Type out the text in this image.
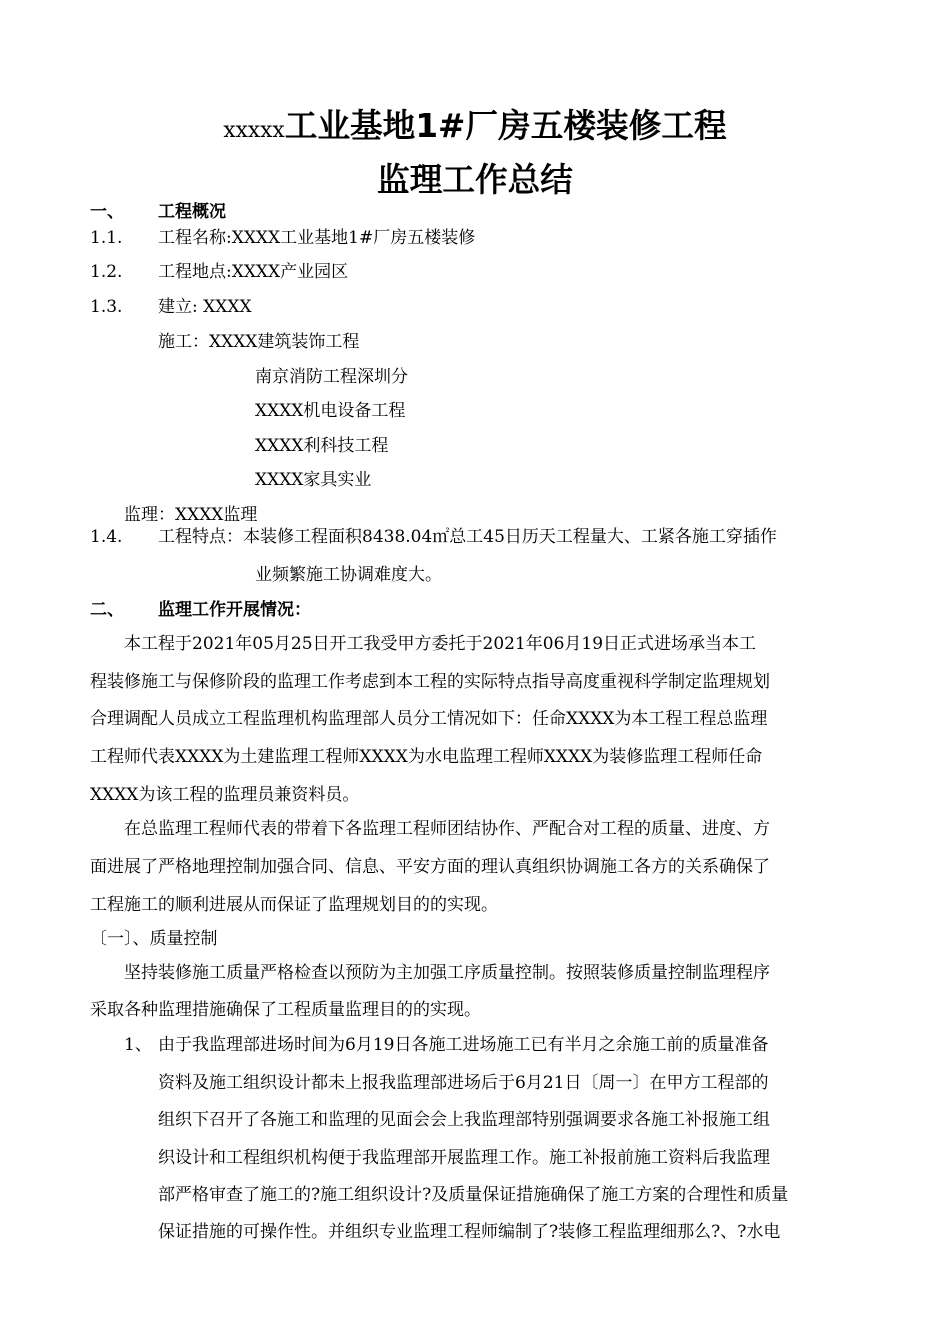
xxxxx工业基地1#厂房五楼装修工程
监理工作总结
一、 工程概况
1.1. 工程名称:XXXX工业基地1#厂房五楼装修
1.2. 工程地点:XXXX产业园区
1.3. 建立: XXXX
施工：XXXX建筑装饰工程
南京消防工程深圳分
XXXX机电设备工程
XXXX利科技工程
XXXX家具实业
监理：XXXX监理
1.4. 工程特点：本装修工程面积8438.04㎡总工45日历天工程量大、工紧各施工穿插作
业频繁施工协调难度大。
二、 监理工作开展情况：
本工程于2021年05月25日开工我受甲方委托于2021年06月19日正式进场承当本工
程装修施工与保修阶段的监理工作考虑到本工程的实际特点指导高度重视科学制定监理规划
合理调配人员成立工程监理机构监理部人员分工情况如下：任命XXXX为本工程工程总监理
工程师代表XXXX为土建监理工程师XXXX为水电监理工程师XXXX为装修监理工程师任命
XXXX为该工程的监理员兼资料员。
在总监理工程师代表的带着下各监理工程师团结协作、严配合对工程的质量、进度、方
面进展了严格地理控制加强合同、信息、平安方面的理认真组织协调施工各方的关系确保了
工程施工的顺利进展从而保证了监理规划目的的实现。
〔一〕、质量控制
坚持装修施工质量严格检查以预防为主加强工序质量控制。按照装修质量控制监理程序
采取各种监理措施确保了工程质量监理目的的实现。
1、 由于我监理部进场时间为6月19日各施工进场施工已有半月之余施工前的质量准备
资料及施工组织设计都未上报我监理部进场后于6月21日〔周一〕在甲方工程部的
组织下召开了各施工和监理的见面会会上我监理部特别强调要求各施工补报施工组
织设计和工程组织机构便于我监理部开展监理工作。施工补报前施工资料后我监理
部严格审查了施工的?施工组织设计?及质量保证措施确保了施工方案的合理性和质量
保证措施的可操作性。并组织专业监理工程师编制了?装修工程监理细那么?、?水电
